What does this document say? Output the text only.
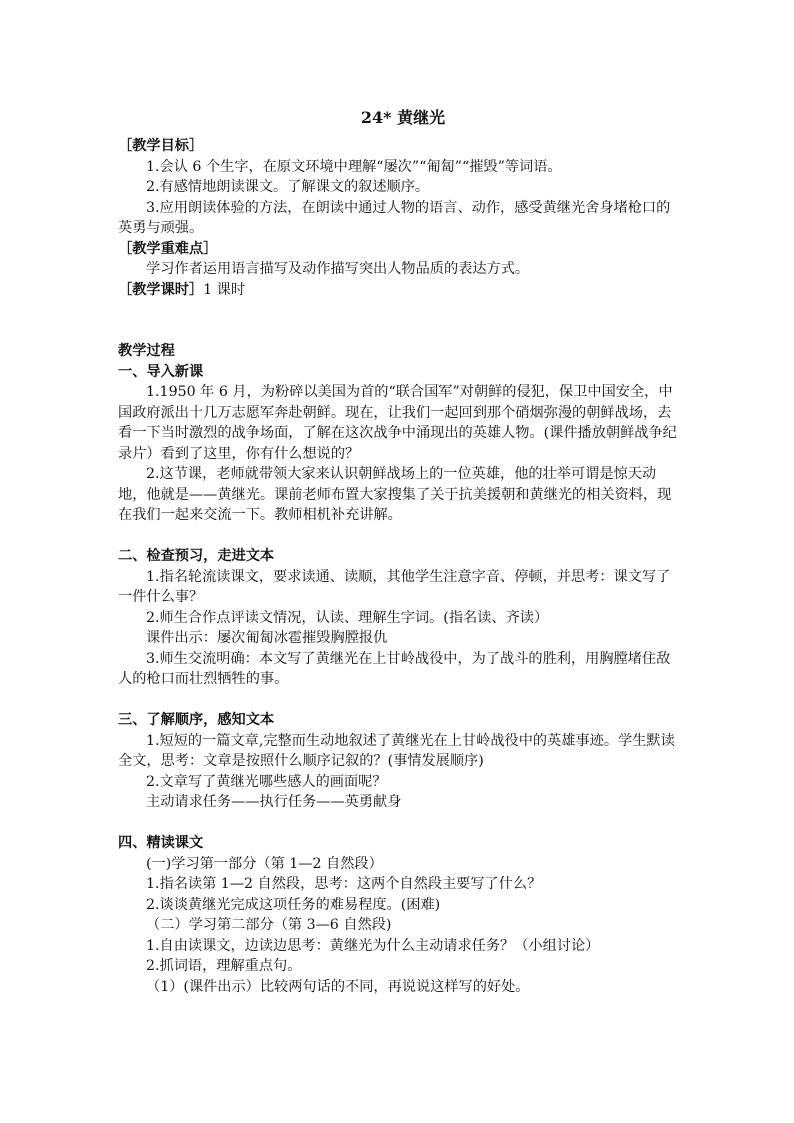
24* 黄继光
［教学目标］
1.会认 6 个生字，在原文环境中理解“屡次”“匍匐”“摧毁”等词语。
2.有感情地朗读课文。了解课文的叙述顺序。
3.应用朗读体验的方法，在朗读中通过人物的语言、动作，感受黄继光舍身堵枪口的英勇与顽强。
［教学重难点］
学习作者运用语言描写及动作描写突出人物品质的表达方式。
［教学课时］1 课时
教学过程
一、导入新课
1.1950 年 6 月，为粉碎以美国为首的“联合国军”对朝鲜的侵犯，保卫中国安全，中国政府派出十几万志愿军奔赴朝鲜。现在，让我们一起回到那个硝烟弥漫的朝鲜战场，去看一下当时激烈的战争场面，了解在这次战争中涌现出的英雄人物。(课件播放朝鲜战争纪录片）看到了这里，你有什么想说的？
2.这节课，老师就带领大家来认识朝鲜战场上的一位英雄，他的壮举可谓是惊天动地，他就是——黄继光。课前老师布置大家搜集了关于抗美援朝和黄继光的相关资料，现在我们一起来交流一下。教师相机补充讲解。
二、检查预习，走进文本
1.指名轮流读课文，要求读通、读顺，其他学生注意字音、停顿，并思考：课文写了一件什么事？
2.师生合作点评读文情况，认读、理解生字词。(指名读、齐读）
课件出示：屡次匍匐冰雹摧毁胸膛报仇
3.师生交流明确：本文写了黄继光在上甘岭战役中，为了战斗的胜利，用胸膛堵住敌人的枪口而壮烈牺牲的事。
三、了解顺序，感知文本
1.短短的一篇文章,完整而生动地叙述了黄继光在上甘岭战役中的英雄事迹。学生默读全文，思考：文章是按照什么顺序记叙的？(事情发展顺序)
2.文章写了黄继光哪些感人的画面呢？
主动请求任务——执行任务——英勇献身
四、精读课文
(一)学习第一部分（第 1—2 自然段）
1.指名读第 1—2 自然段，思考：这两个自然段主要写了什么？
2.谈谈黄继光完成这项任务的难易程度。(困难)
（二）学习第二部分（第 3—6 自然段)
1.自由读课文，边读边思考：黄继光为什么主动请求任务？（小组讨论）
2.抓词语，理解重点句。
（1）(课件出示）比较两句话的不同，再说说这样写的好处。
